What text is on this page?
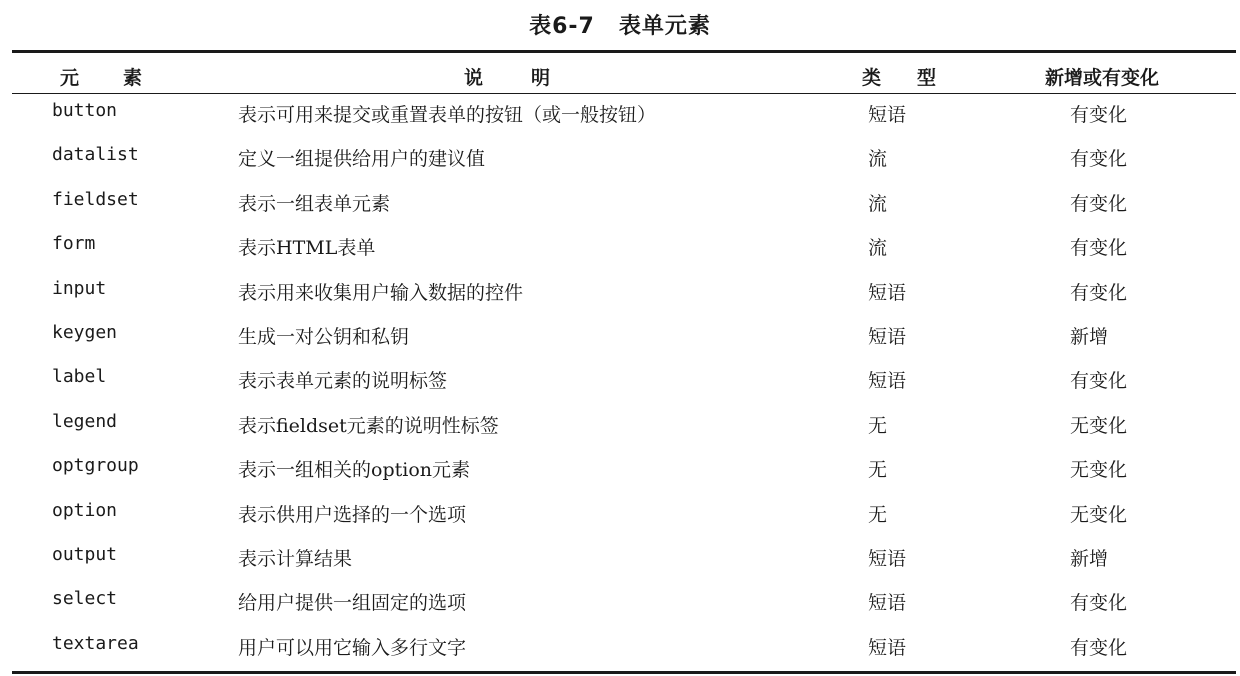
表6-7 表单元素
元素	说明	类型	新增或有变化
button	表示可用来提交或重置表单的按钮（或一般按钮）	短语	有变化
datalist	定义一组提供给用户的建议值	流	有变化
fieldset	表示一组表单元素	流	有变化
form	表示HTML表单	流	有变化
input	表示用来收集用户输入数据的控件	短语	有变化
keygen	生成一对公钥和私钥	短语	新增
label	表示表单元素的说明标签	短语	有变化
legend	表示fieldset元素的说明性标签	无	无变化
optgroup	表示一组相关的option元素	无	无变化
option	表示供用户选择的一个选项	无	无变化
output	表示计算结果	短语	新增
select	给用户提供一组固定的选项	短语	有变化
textarea	用户可以用它输入多行文字	短语	有变化
